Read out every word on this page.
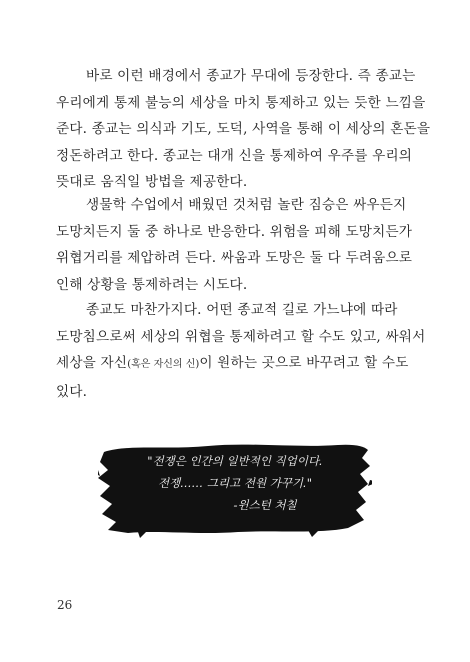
바로 이런 배경에서 종교가 무대에 등장한다. 즉 종교는
우리에게 통제 불능의 세상을 마치 통제하고 있는 듯한 느낌을
준다. 종교는 의식과 기도, 도덕, 사역을 통해 이 세상의 혼돈을
정돈하려고 한다. 종교는 대개 신을 통제하여 우주를 우리의
뜻대로 움직일 방법을 제공한다.

생물학 수업에서 배웠던 것처럼 놀란 짐승은 싸우든지
도망치든지 둘 중 하나로 반응한다. 위험을 피해 도망치든가
위협거리를 제압하려 든다. 싸움과 도망은 둘 다 두려움으로
인해 상황을 통제하려는 시도다.

종교도 마찬가지다. 어떤 종교적 길로 가느냐에 따라
도망침으로써 세상의 위협을 통제하려고 할 수도 있고, 싸워서
세상을 자신(혹은 자신의 신)이 원하는 곳으로 바꾸려고 할 수도
있다.

"전쟁은 인간의 일반적인 직업이다.
전쟁…… 그리고 전원 가꾸기."
-윈스턴 처칠
26
